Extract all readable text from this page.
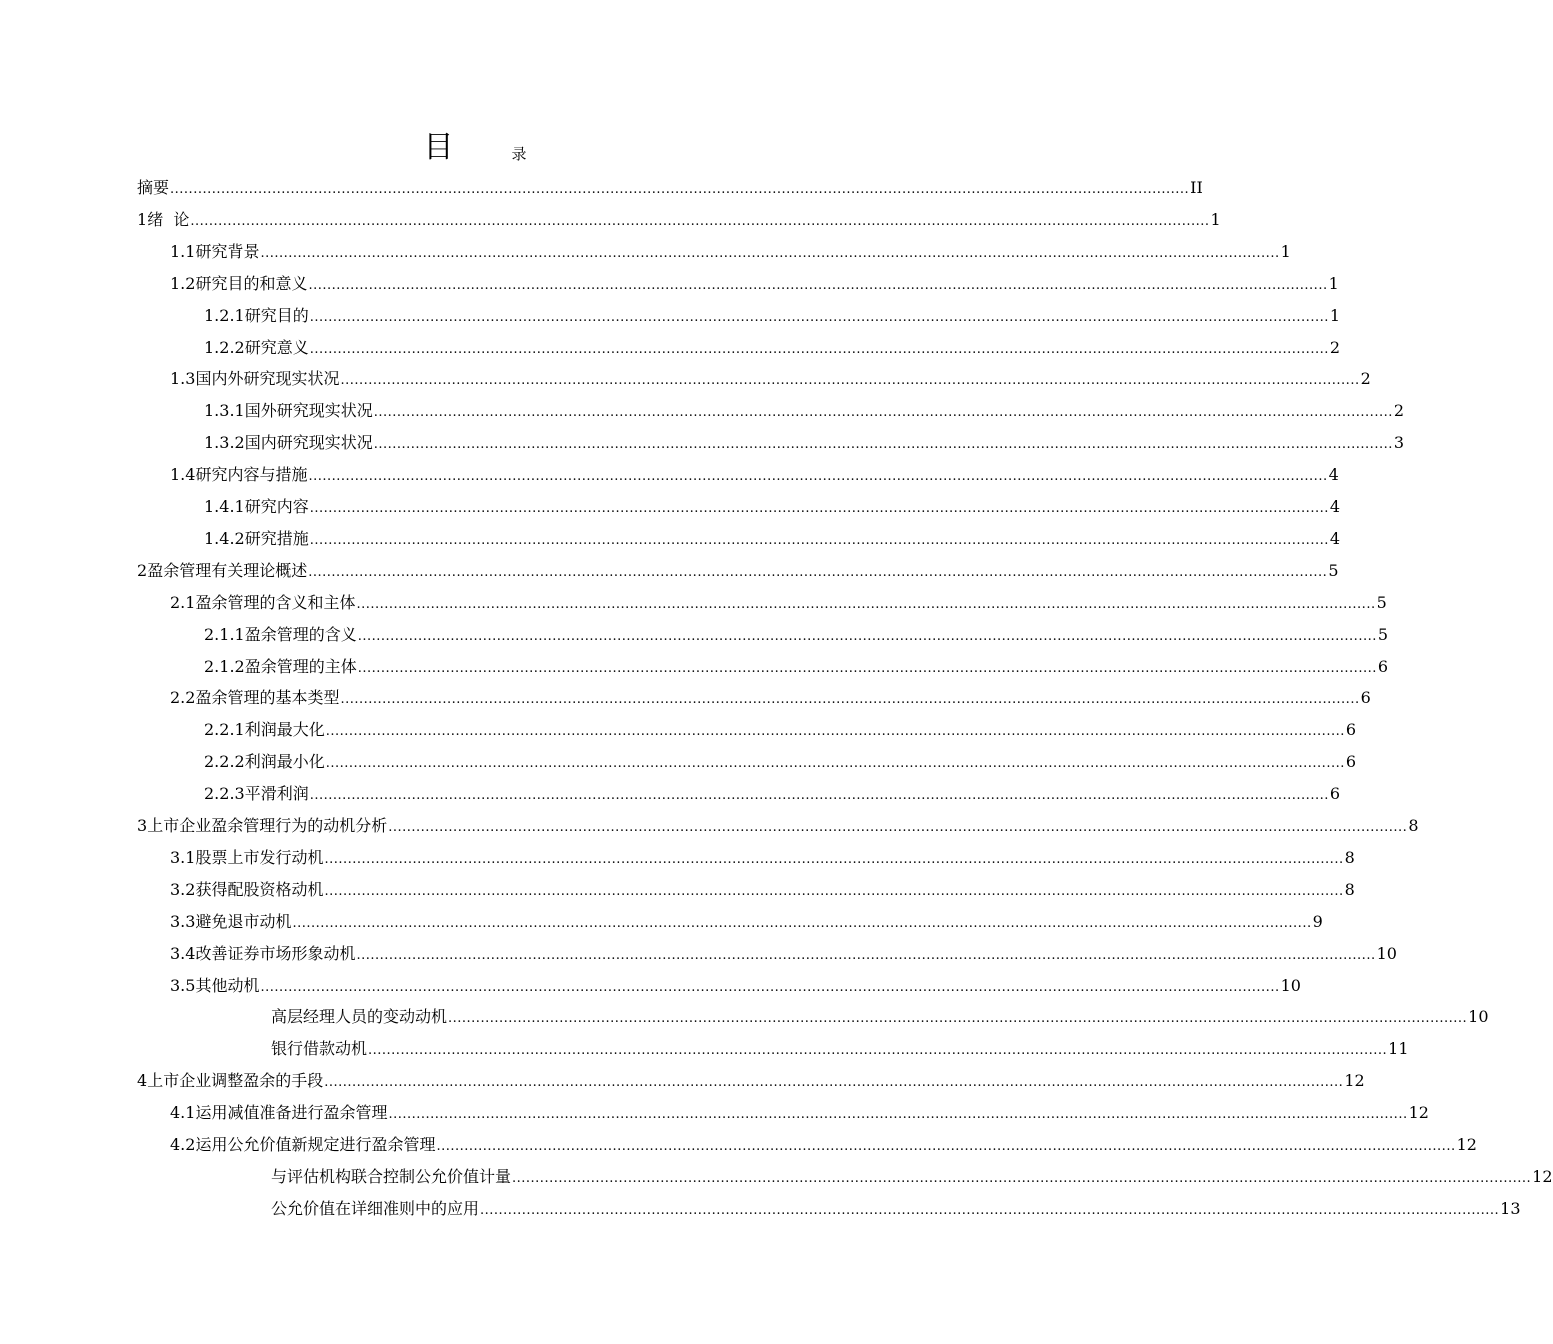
目	录
摘 要 ............................................................................................................................................................................................................................ II
1 绪  论 ............................................................................................................................................................................................................................ 1
1.1 研究背景 ............................................................................................................................................................................................................................ 1
1.2 研究目的和意义 ............................................................................................................................................................................................................................ 1
1.2.1 研究目的 ............................................................................................................................................................................................................................ 1
1.2.2 研究意义 ............................................................................................................................................................................................................................ 2
1.3 国内外研究现实状况 ............................................................................................................................................................................................................................ 2
1.3.1 国外研究现实状况 ............................................................................................................................................................................................................................ 2
1.3.2 国内研究现实状况 ............................................................................................................................................................................................................................ 3
1.4 研究内容与措施 ............................................................................................................................................................................................................................ 4
1.4.1 研究内容 ............................................................................................................................................................................................................................ 4
1.4.2 研究措施 ............................................................................................................................................................................................................................ 4
2 盈余管理有关理论概述 ............................................................................................................................................................................................................................ 5
2.1 盈余管理的含义和主体 ............................................................................................................................................................................................................................ 5
2.1.1 盈余管理的含义 ............................................................................................................................................................................................................................ 5
2.1.2 盈余管理的主体 ............................................................................................................................................................................................................................ 6
2.2 盈余管理的基本类型 ............................................................................................................................................................................................................................ 6
2.2.1 利润最大化 ............................................................................................................................................................................................................................ 6
2.2.2 利润最小化 ............................................................................................................................................................................................................................ 6
2.2.3 平滑利润 ............................................................................................................................................................................................................................ 6
3 上市企业盈余管理行为的动机分析 ............................................................................................................................................................................................................................ 8
3.1 股票上市发行动机 ............................................................................................................................................................................................................................ 8
3.2 获得配股资格动机 ............................................................................................................................................................................................................................ 8
3.3 避免退市动机 ............................................................................................................................................................................................................................ 9
3.4 改善证券市场形象动机 ............................................................................................................................................................................................................................ 10
3.5 其他动机 ............................................................................................................................................................................................................................ 10
高层经理人员的变动动机 ............................................................................................................................................................................................................................ 10
银行借款动机 ............................................................................................................................................................................................................................ 11
4 上市企业调整盈余的手段 ............................................................................................................................................................................................................................ 12
4.1 运用减值准备进行盈余管理 ............................................................................................................................................................................................................................ 12
4.2 运用公允价值新规定进行盈余管理 ............................................................................................................................................................................................................................ 12
与评估机构联合控制公允价值计量 ............................................................................................................................................................................................................................ 12
公允价值在详细准则中的应用 ............................................................................................................................................................................................................................ 13
